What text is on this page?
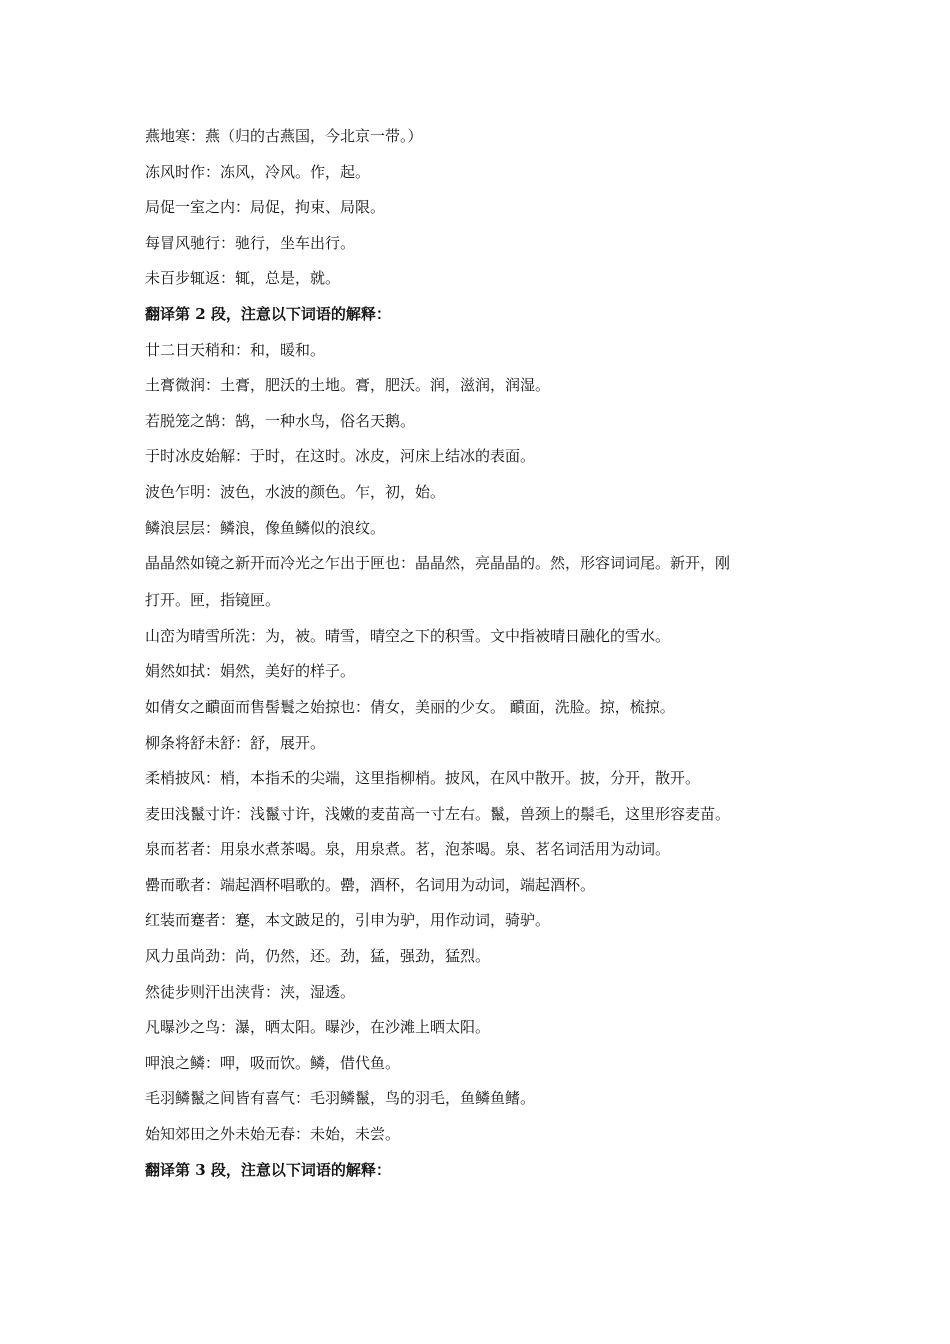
燕地寒：燕（归的古燕国，今北京一带。）
冻风时作：冻风，冷风。作，起。
局促一室之内：局促，拘束、局限。
每冒风驰行：驰行，坐车出行。
未百步辄返：辄，总是，就。
翻译第 2 段，注意以下词语的解释：
廿二日天稍和：和，暖和。
土膏微润：土膏，肥沃的土地。膏，肥沃。润，滋润，润湿。
若脱笼之鹄：鹄，一种水鸟，俗名天鹅。
于时冰皮始解：于时，在这时。冰皮，河床上结冰的表面。
波色乍明：波色，水波的颜色。乍，初，始。
鳞浪层层：鳞浪，像鱼鳞似的浪纹。
晶晶然如镜之新开而冷光之乍出于匣也：晶晶然，亮晶晶的。然，形容词词尾。新开，刚
打开。匣，指镜匣。
山峦为晴雪所洗：为，被。晴雪，晴空之下的积雪。文中指被晴日融化的雪水。
娟然如拭：娟然，美好的样子。
如倩女之靧面而售髻鬟之始掠也：倩女，美丽的少女。 靧面，洗脸。掠，梳掠。
柳条将舒未舒：舒，展开。
柔梢披风：梢，本指禾的尖端，这里指柳梢。披风，在风中散开。披，分开，散开。
麦田浅鬣寸许：浅鬣寸许，浅嫩的麦苗高一寸左右。鬣，兽颈上的鬃毛，这里形容麦苗。
泉而茗者：用泉水煮茶喝。泉，用泉煮。茗，泡茶喝。泉、茗名词活用为动词。
罍而歌者：端起酒杯唱歌的。罍，酒杯，名词用为动词，端起酒杯。
红装而蹇者：蹇，本文跛足的，引申为驴，用作动词，骑驴。
风力虽尚劲：尚，仍然，还。劲，猛，强劲，猛烈。
然徒步则汗出浃背：浃，湿透。
凡曝沙之鸟：瀑，晒太阳。曝沙，在沙滩上晒太阳。
呷浪之鳞：呷，吸而饮。鳞，借代鱼。
毛羽鳞鬣之间皆有喜气：毛羽鳞鬣，鸟的羽毛，鱼鳞鱼鳍。
始知郊田之外未始无春：未始，未尝。
翻译第 3 段，注意以下词语的解释：
